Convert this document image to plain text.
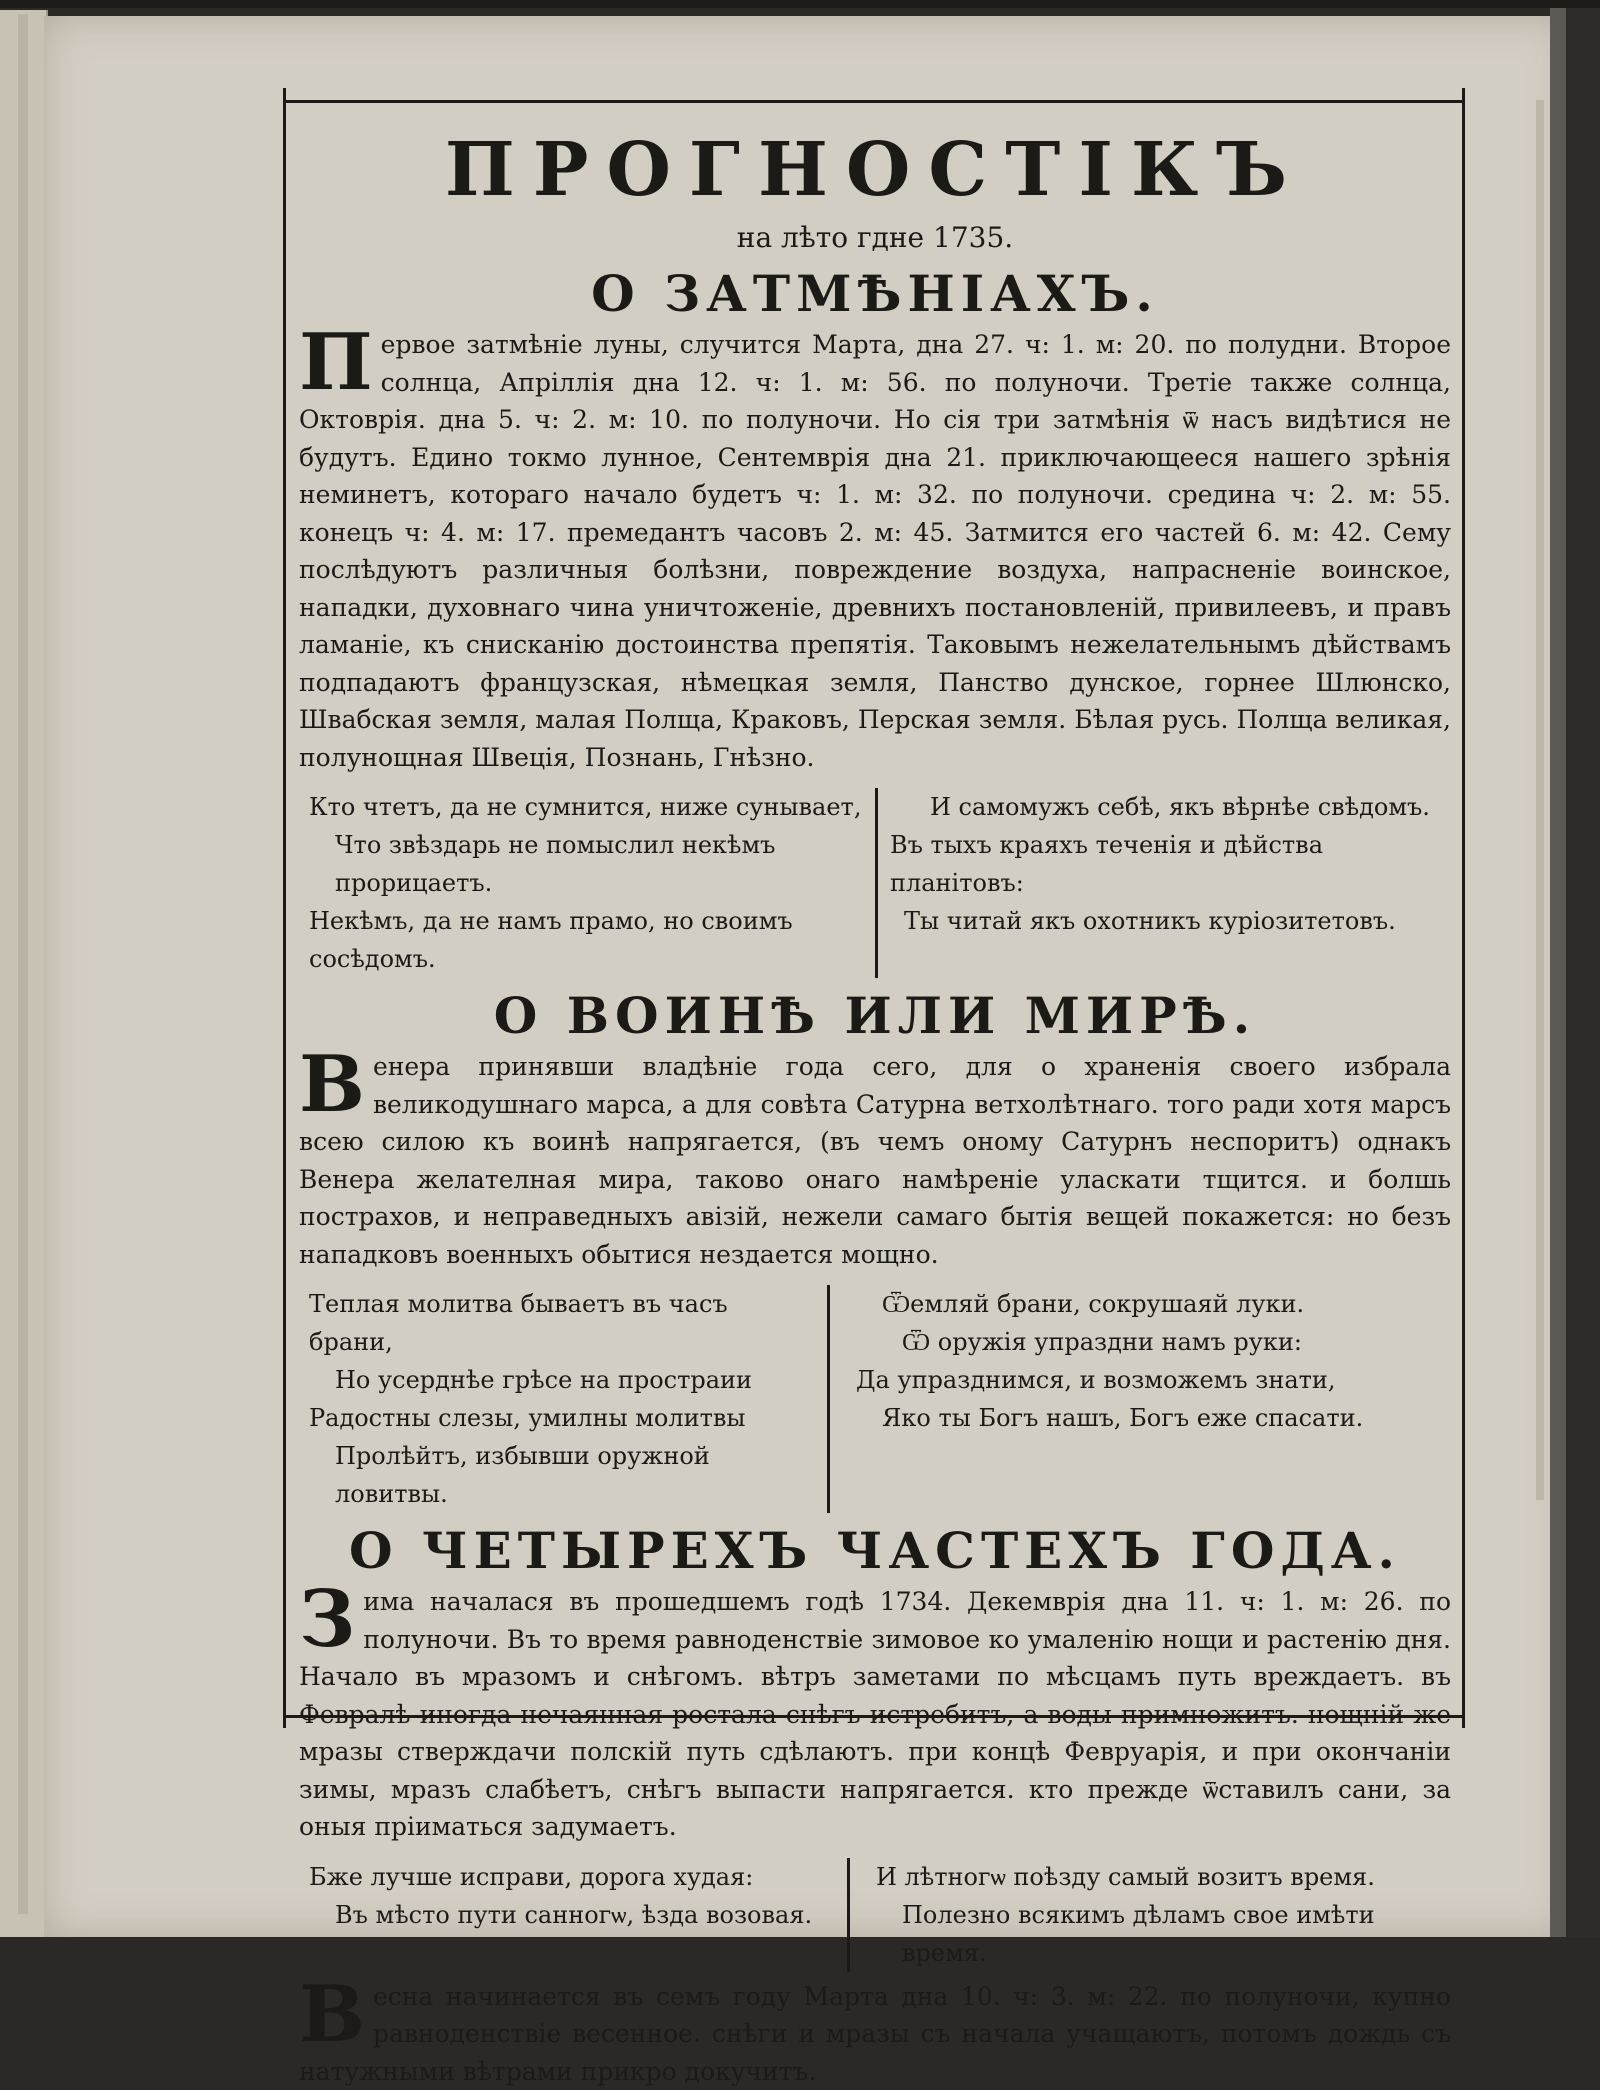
ПРОГНОСТІКЪ
на лѣто гдне 1735.
О ЗАТМѢНІАХЪ.

Первое затмѣніе луны, случится Марта, дна 27. ч: 1. м: 20. по полудни. Второе солнца, Апріллія дна 12. ч: 1. м: 56. по полуночи. Третіе также солнца, Октоврія. дна 5. ч: 2. м: 10. по полуночи. Но сія три затмѣнія ѿ насъ видѣтися не будутъ. Едино токмо лунное, Сентемврія дна 21. приключающееся нашего зрѣнія неминетъ, котораго начало будетъ ч: 1. м: 32. по полуночи. средина ч: 2. м: 55. конецъ ч: 4. м: 17. премедантъ часовъ 2. м: 45. Затмится его частей 6. м: 42. Сему послѣдуютъ различныя болѣзни, повреждение воздуха, напрасненіе воинское, нападки, духовнаго чина уничтоженіе, древнихъ постановленій, привилеевъ, и правъ ламаніе, къ снисканію достоинства препятія. Таковымъ нежелательнымъ дѣйствамъ подпадаютъ французская, нѣмецкая земля, Панство дунское, горнее Шлюнско, Швабская земля, малая Полща, Краковъ, Перская земля. Бѣлая русь. Полща великая, полунощная Швеція, Познань, Гнѣзно.

Кто чтетъ, да не сумнится, ниже сунывает,
Что звѣздарь не помыслил некѣмъ прорицаетъ.
Некѣмъ, да не намъ прамо, но своимъ сосѣдомъ.
И самомужъ себѣ, якъ вѣрнѣе свѣдомъ.
Въ тыхъ краяхъ теченія и дѣйства планітовъ:
Ты читай якъ охотникъ куріозитетовъ.
О ВОИНѢ ИЛИ МИРѢ.

Венера принявши владѣніе года сего, для о храненія своего избрала великодушнаго марса, а для совѣта Сатурна ветхолѣтнаго. того ради хотя марсъ всею силою къ воинѣ напрягается, (въ чемъ оному Сатурнъ неспоритъ) однакъ Венера желателная мира, таково онаго намѣреніе уласкати тщится. и болшь пострахов, и неправедныхъ авізій, нежели самаго бытія вещей покажется: но безъ нападковъ военныхъ обытися нездается мощно.

Теплая молитва бываетъ въ часъ брани,
Но усерднѣе грѣсе на простраии
Радостны слезы, умилны молитвы
Пролѣйтъ, избывши оружной ловитвы.
Ѿемляй брани, сокрушаяй луки.
Ѿ оружія упраздни намъ руки:
Да упразднимся, и возможемъ знати,
Яко ты Богъ нашъ, Богъ еже спасати.
О ЧЕТЫРЕХЪ ЧАСТЕХЪ ГОДА.

Зима началася въ прошедшемъ годѣ 1734. Декемврія дна 11. ч: 1. м: 26. по полуночи. Въ то время равноденствіе зимовое ко умаленію нощи и растенію дня. Начало въ мразомъ и снѣгомъ. вѣтръ заметами по мѣсцамъ путь вреждаетъ. въ Февралѣ иногда нечаянная ростала снѣгъ истребитъ, а воды примножитъ. нощній же мразы стверждачи полскій путь сдѣлаютъ. при концѣ Февруарія, и при окончаніи зимы, мразъ слабѣетъ, снѣгъ выпасти напрягается. кто прежде ѿставилъ сани, за оныя пріиматься задумаетъ.

Бже лучше исправи, дорога худая:
Въ мѣсто пути санногѡ, ѣзда возовая.
И лѣтногѡ поѣзду самый возитъ время.
Полезно всякимъ дѣламъ свое имѣти время.

Весна начинается въ семъ году Марта дна 10. ч: 3. м: 22. по полуночи, купно равноденствіе весенное. снѣги и мразы съ начала учащаютъ, потомъ дождь съ натужными вѣтрами прикро докучитъ.
